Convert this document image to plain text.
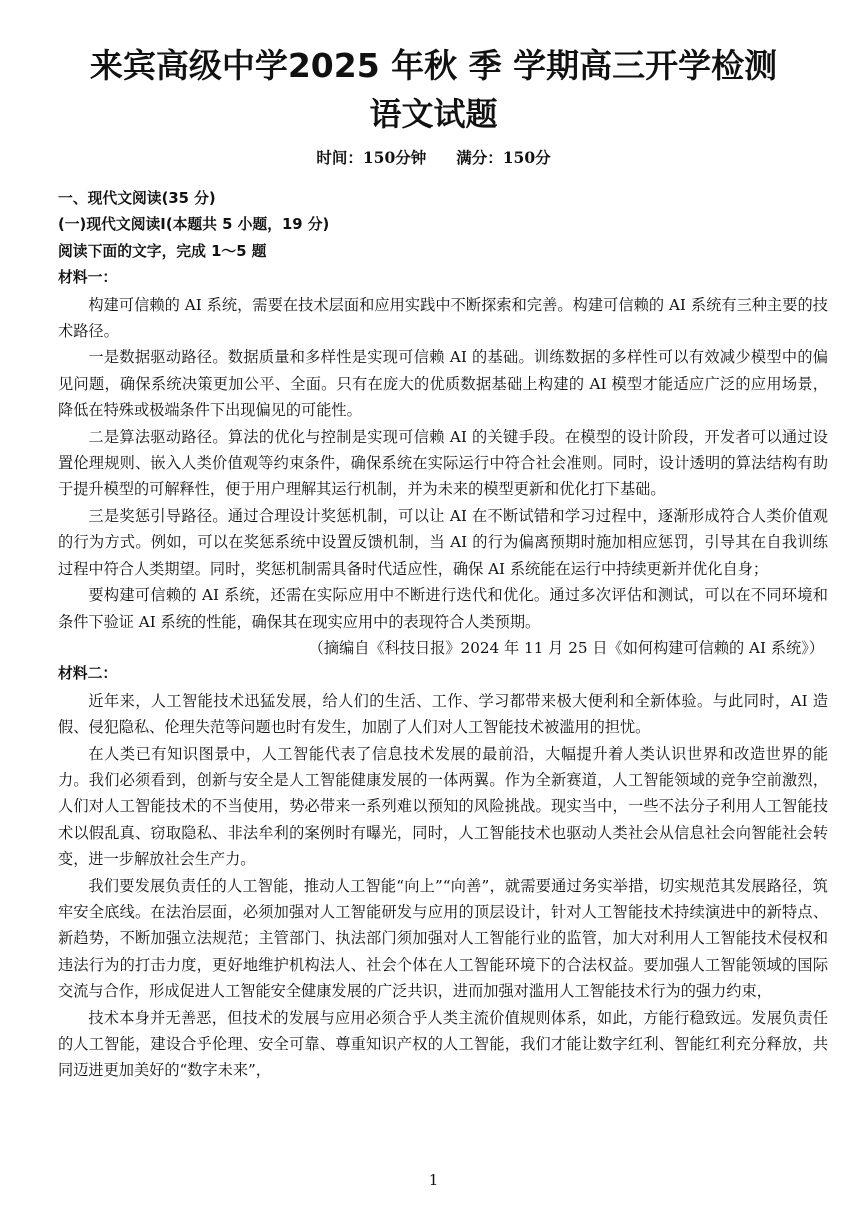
来宾高级中学2025 年秋 季 学期高三开学检测
语文试题
时间：150分钟 满分：150分

一、现代文阅读(35 分)

(一)现代文阅读Ⅰ(本题共 5 小题，19 分)

阅读下面的文字，完成 1～5 题

材料一：

构建可信赖的 AI 系统，需要在技术层面和应用实践中不断探索和完善。构建可信赖的 AI 系统有三种主要的技术路径。

一是数据驱动路径。数据质量和多样性是实现可信赖 AI 的基础。训练数据的多样性可以有效减少模型中的偏见问题，确保系统决策更加公平、全面。只有在庞大的优质数据基础上构建的 AI 模型才能适应广泛的应用场景，降低在特殊或极端条件下出现偏见的可能性。

二是算法驱动路径。算法的优化与控制是实现可信赖 AI 的关键手段。在模型的设计阶段，开发者可以通过设置伦理规则、嵌入人类价值观等约束条件，确保系统在实际运行中符合社会准则。同时，设计透明的算法结构有助于提升模型的可解释性，便于用户理解其运行机制，并为未来的模型更新和优化打下基础。

三是奖惩引导路径。通过合理设计奖惩机制，可以让 AI 在不断试错和学习过程中，逐渐形成符合人类价值观的行为方式。例如，可以在奖惩系统中设置反馈机制，当 AI 的行为偏离预期时施加相应惩罚，引导其在自我训练过程中符合人类期望。同时，奖惩机制需具备时代适应性，确保 AI 系统能在运行中持续更新并优化自身；

要构建可信赖的 AI 系统，还需在实际应用中不断进行迭代和优化。通过多次评估和测试，可以在不同环境和条件下验证 AI 系统的性能，确保其在现实应用中的表现符合人类预期。

（摘编自《科技日报》2024 年 11 月 25 日《如何构建可信赖的 AI 系统》）

材料二：

近年来，人工智能技术迅猛发展，给人们的生活、工作、学习都带来极大便利和全新体验。与此同时，AI 造假、侵犯隐私、伦理失范等问题也时有发生，加剧了人们对人工智能技术被滥用的担忧。

在人类已有知识图景中，人工智能代表了信息技术发展的最前沿，大幅提升着人类认识世界和改造世界的能力。我们必须看到，创新与安全是人工智能健康发展的一体两翼。作为全新赛道，人工智能领域的竞争空前激烈，人们对人工智能技术的不当使用，势必带来一系列难以预知的风险挑战。现实当中，一些不法分子利用人工智能技术以假乱真、窃取隐私、非法牟利的案例时有曝光，同时，人工智能技术也驱动人类社会从信息社会向智能社会转变，进一步解放社会生产力。

我们要发展负责任的人工智能，推动人工智能“向上”“向善”，就需要通过务实举措，切实规范其发展路径，筑牢安全底线。在法治层面，必须加强对人工智能研发与应用的顶层设计，针对人工智能技术持续演进中的新特点、新趋势，不断加强立法规范；主管部门、执法部门须加强对人工智能行业的监管，加大对利用人工智能技术侵权和违法行为的打击力度，更好地维护机构法人、社会个体在人工智能环境下的合法权益。要加强人工智能领域的国际交流与合作，形成促进人工智能安全健康发展的广泛共识，进而加强对滥用人工智能技术行为的强力约束，

技术本身并无善恶，但技术的发展与应用必须合乎人类主流价值规则体系，如此，方能行稳致远。发展负责任的人工智能，建设合乎伦理、安全可靠、尊重知识产权的人工智能，我们才能让数字红利、智能红利充分释放，共同迈进更加美好的“数字未来”，

1
